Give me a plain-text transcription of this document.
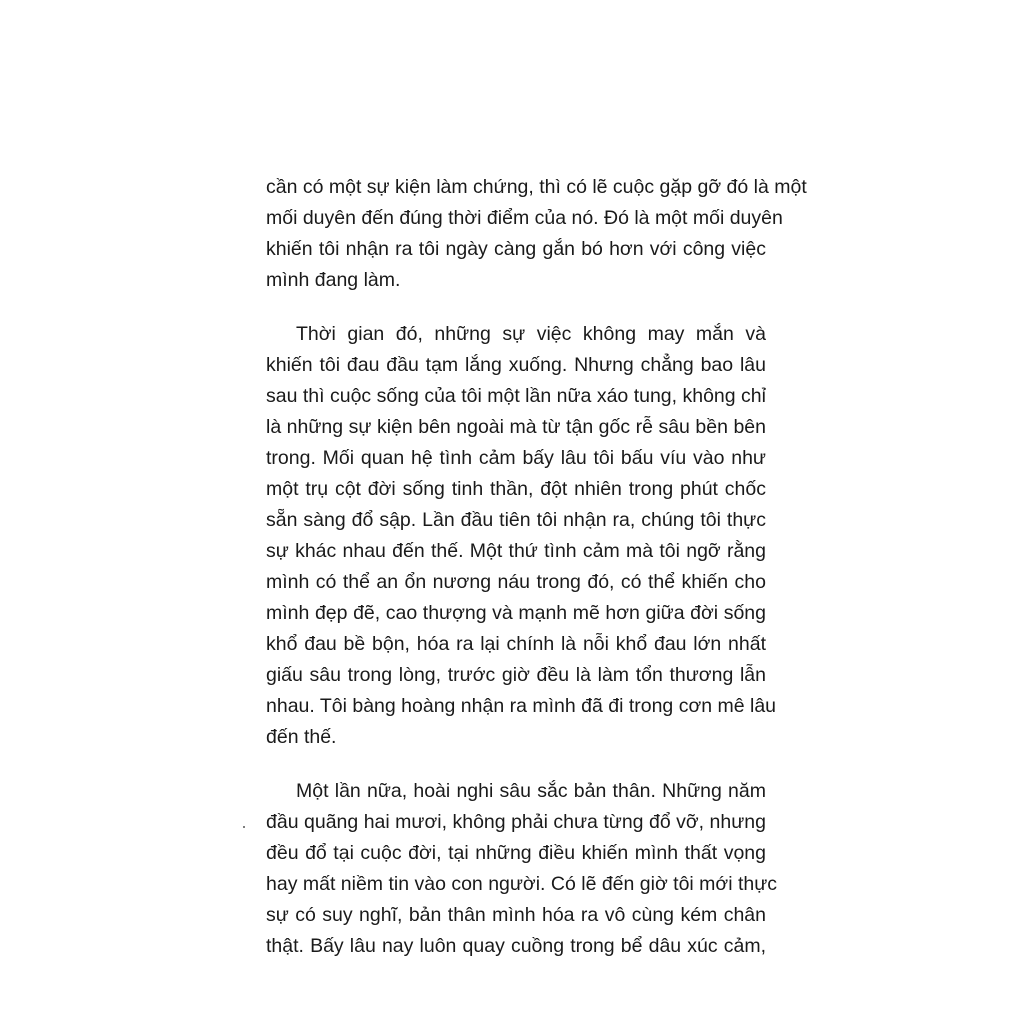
cần có một sự kiện làm chứng, thì có lẽ cuộc gặp gỡ đó là một
mối duyên đến đúng thời điểm của nó. Đó là một mối duyên
khiến tôi nhận ra tôi ngày càng gắn bó hơn với công việc
mình đang làm.
Thời gian đó, những sự việc không may mắn và
khiến tôi đau đầu tạm lắng xuống. Nhưng chẳng bao lâu
sau thì cuộc sống của tôi một lần nữa xáo tung, không chỉ
là những sự kiện bên ngoài mà từ tận gốc rễ sâu bền bên
trong. Mối quan hệ tình cảm bấy lâu tôi bấu víu vào như
một trụ cột đời sống tinh thần, đột nhiên trong phút chốc
sẵn sàng đổ sập. Lần đầu tiên tôi nhận ra, chúng tôi thực
sự khác nhau đến thế. Một thứ tình cảm mà tôi ngỡ rằng
mình có thể an ổn nương náu trong đó, có thể khiến cho
mình đẹp đẽ, cao thượng và mạnh mẽ hơn giữa đời sống
khổ đau bề bộn, hóa ra lại chính là nỗi khổ đau lớn nhất
giấu sâu trong lòng, trước giờ đều là làm tổn thương lẫn
nhau. Tôi bàng hoàng nhận ra mình đã đi trong cơn mê lâu
đến thế.
Một lần nữa, hoài nghi sâu sắc bản thân. Những năm
đầu quãng hai mươi, không phải chưa từng đổ vỡ, nhưng
đều đổ tại cuộc đời, tại những điều khiến mình thất vọng
hay mất niềm tin vào con người. Có lẽ đến giờ tôi mới thực
sự có suy nghĩ, bản thân mình hóa ra vô cùng kém chân
thật. Bấy lâu nay luôn quay cuồng trong bể dâu xúc cảm,
